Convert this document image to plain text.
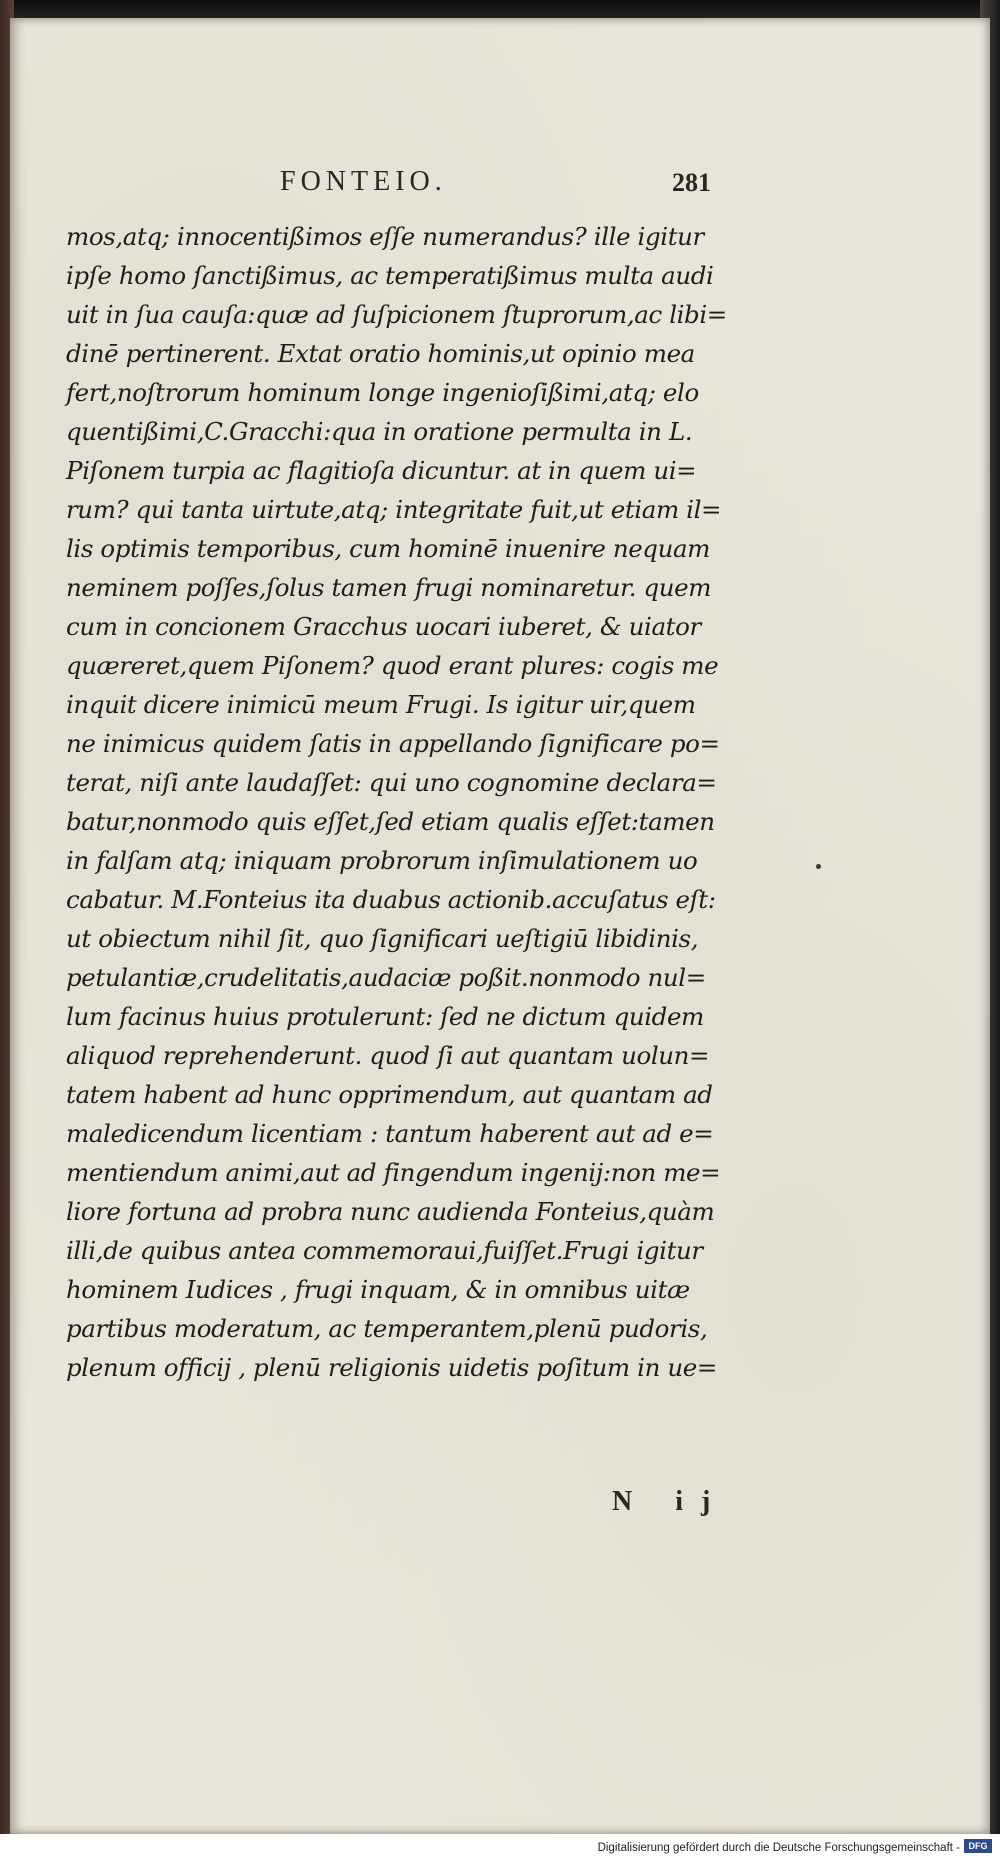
FONTEIO.	281
mos,atq; innocentißimos eſſe numerandus? ille igitur
ipſe homo ſanctißimus, ac temperatißimus multa audi
uit in ſua cauſa:quæ ad ſuſpicionem ſtuprorum,ac libi=
dinē pertinerent. Extat oratio hominis,ut opinio mea
fert,noſtrorum hominum longe ingenioſißimi,atq; elo
quentißimi,C.Gracchi:qua in oratione permulta in L.
Piſonem turpia ac flagitioſa dicuntur. at in quem ui=
rum? qui tanta uirtute,atq; integritate fuit,ut etiam il=
lis optimis temporibus, cum hominē inuenire nequam
neminem poſſes,ſolus tamen frugi nominaretur. quem
cum in concionem Gracchus uocari iuberet, & uiator
quæreret,quem Piſonem? quod erant plures: cogis me
inquit dicere inimicū meum Frugi. Is igitur uir,quem
ne inimicus quidem ſatis in appellando ſignificare po=
terat, niſi ante laudaſſet: qui uno cognomine declara=
batur,nonmodo quis eſſet,ſed etiam qualis eſſet:tamen
in falſam atq; iniquam probrorum inſimulationem uo
cabatur. M.Fonteius ita duabus actionib.accuſatus eſt:
ut obiectum nihil ſit, quo ſignificari ueſtigiū libidinis,
petulantiæ,crudelitatis,audaciæ poßit.nonmodo nul=
lum facinus huius protulerunt: ſed ne dictum quidem
aliquod reprehenderunt. quod ſi aut quantam uolun=
tatem habent ad hunc opprimendum, aut quantam ad
maledicendum licentiam : tantum haberent aut ad e=
mentiendum animi,aut ad fingendum ingenij:non me=
liore fortuna ad probra nunc audienda Fonteius,quàm
illi,de quibus antea commemoraui,fuiſſet.Frugi igitur
hominem Iudices , frugi inquam, & in omnibus uitæ
partibus moderatum, ac temperantem,plenū pudoris,
plenum officij , plenū religionis uidetis poſitum in ue=
N ij
Digitalisierung gefördert durch die Deutsche Forschungsgemeinschaft - DFG
